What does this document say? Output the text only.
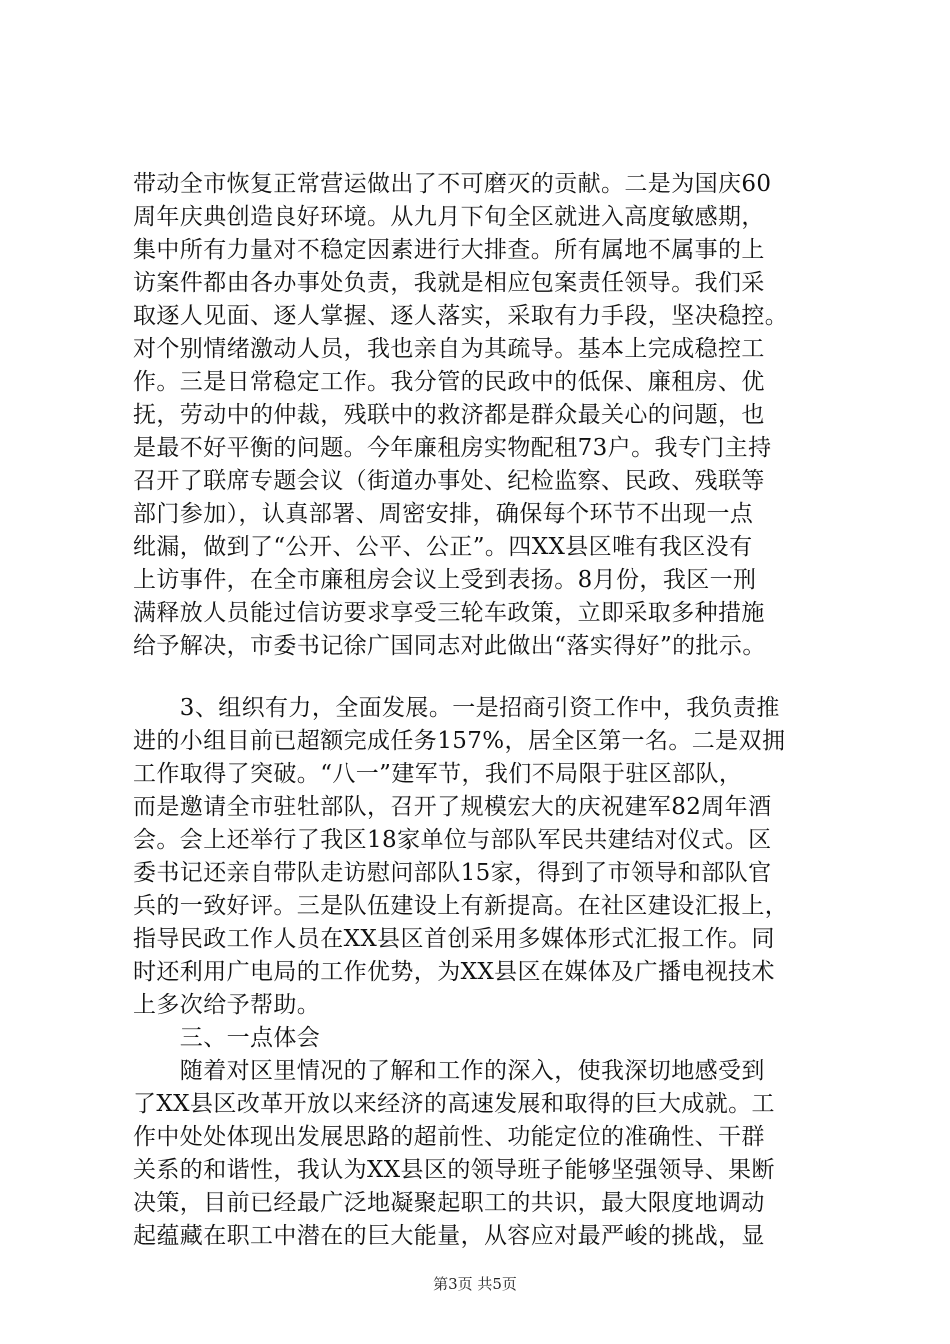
带动全市恢复正常营运做出了不可磨灭的贡献。二是为国庆60
周年庆典创造良好环境。从九月下旬全区就进入高度敏感期，
集中所有力量对不稳定因素进行大排查。所有属地不属事的上
访案件都由各办事处负责，我就是相应包案责任领导。我们采
取逐人见面、逐人掌握、逐人落实，采取有力手段，坚决稳控。
对个别情绪激动人员，我也亲自为其疏导。基本上完成稳控工
作。三是日常稳定工作。我分管的民政中的低保、廉租房、优
抚，劳动中的仲裁，残联中的救济都是群众最关心的问题，也
是最不好平衡的问题。今年廉租房实物配租73户。我专门主持
召开了联席专题会议（街道办事处、纪检监察、民政、残联等
部门参加），认真部署、周密安排，确保每个环节不出现一点
纰漏，做到了“公开、公平、公正”。四XX县区唯有我区没有
上访事件，在全市廉租房会议上受到表扬。8月份，我区一刑
满释放人员能过信访要求享受三轮车政策，立即采取多种措施
给予解决，市委书记徐广国同志对此做出“落实得好”的批示。
　　3、组织有力，全面发展。一是招商引资工作中，我负责推
进的小组目前已超额完成任务157%，居全区第一名。二是双拥
工作取得了突破。“八一”建军节，我们不局限于驻区部队，
而是邀请全市驻牡部队，召开了规模宏大的庆祝建军82周年酒
会。会上还举行了我区18家单位与部队军民共建结对仪式。区
委书记还亲自带队走访慰问部队15家，得到了市领导和部队官
兵的一致好评。三是队伍建设上有新提高。在社区建设汇报上，
指导民政工作人员在XX县区首创采用多媒体形式汇报工作。同
时还利用广电局的工作优势，为XX县区在媒体及广播电视技术
上多次给予帮助。
　　三、一点体会
　　随着对区里情况的了解和工作的深入，使我深切地感受到
了XX县区改革开放以来经济的高速发展和取得的巨大成就。工
作中处处体现出发展思路的超前性、功能定位的准确性、干群
关系的和谐性，我认为XX县区的领导班子能够坚强领导、果断
决策，目前已经最广泛地凝聚起职工的共识，最大限度地调动
起蕴藏在职工中潜在的巨大能量，从容应对最严峻的挑战，显
第3页 共5页
